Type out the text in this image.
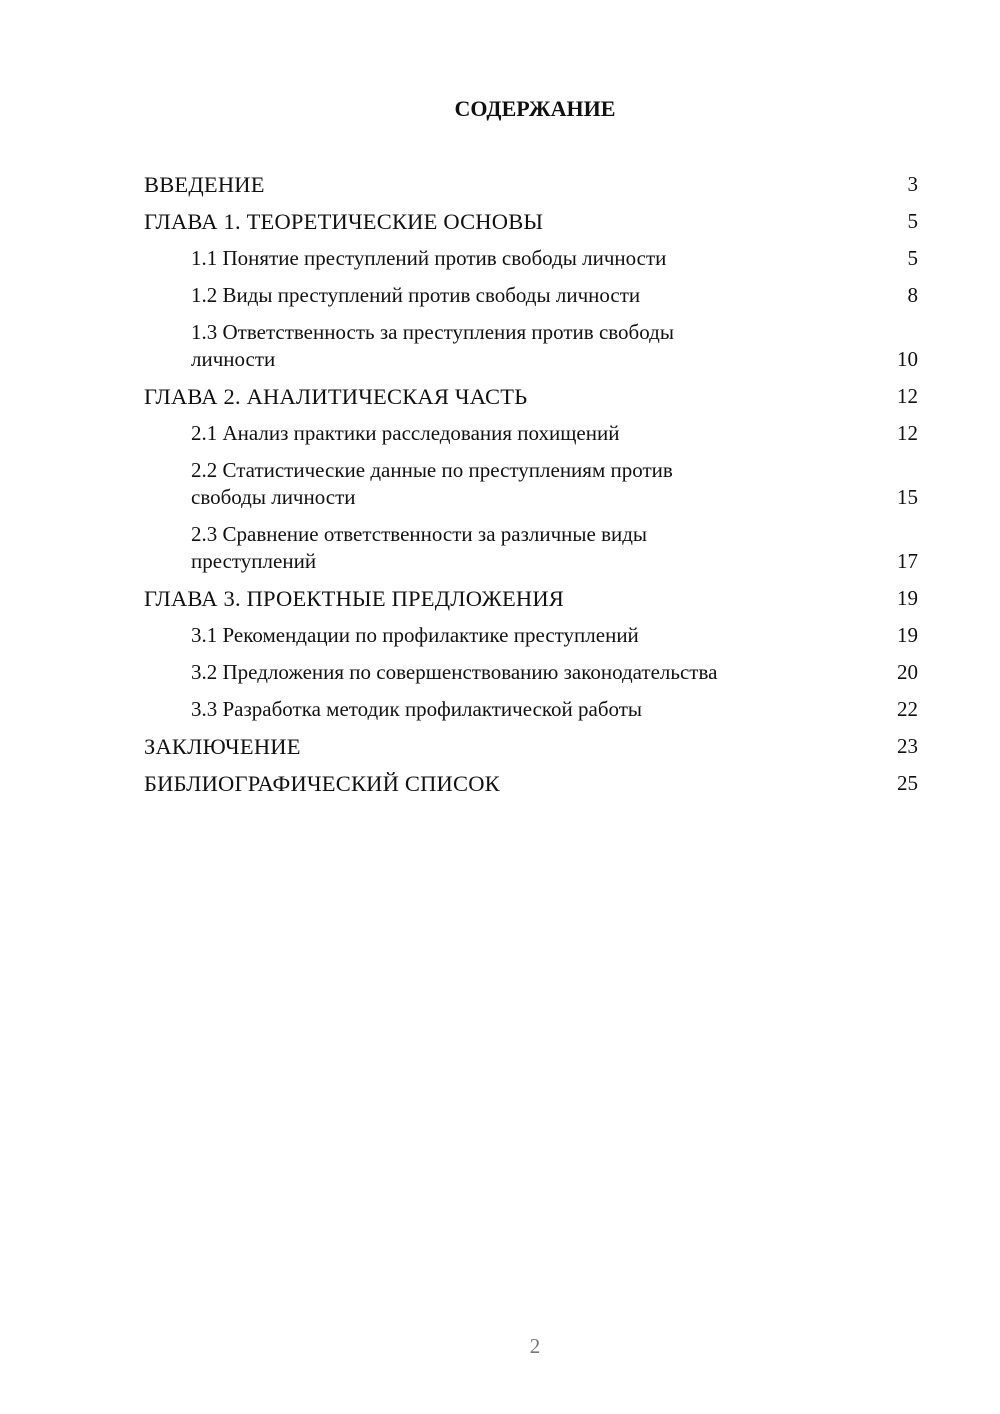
СОДЕРЖАНИЕ
ВВЕДЕНИЕ	3
ГЛАВА 1. ТЕОРЕТИЧЕСКИЕ ОСНОВЫ	5
1.1 Понятие преступлений против свободы личности	5
1.2 Виды преступлений против свободы личности	8
1.3 Ответственность за преступления против свободы
личности	10
ГЛАВА 2. АНАЛИТИЧЕСКАЯ ЧАСТЬ	12
2.1 Анализ практики расследования похищений	12
2.2 Статистические данные по преступлениям против
свободы личности	15
2.3 Сравнение ответственности за различные виды
преступлений	17
ГЛАВА 3. ПРОЕКТНЫЕ ПРЕДЛОЖЕНИЯ	19
3.1 Рекомендации по профилактике преступлений	19
3.2 Предложения по совершенствованию законодательства	20
3.3 Разработка методик профилактической работы	22
ЗАКЛЮЧЕНИЕ	23
БИБЛИОГРАФИЧЕСКИЙ СПИСОК	25
2
